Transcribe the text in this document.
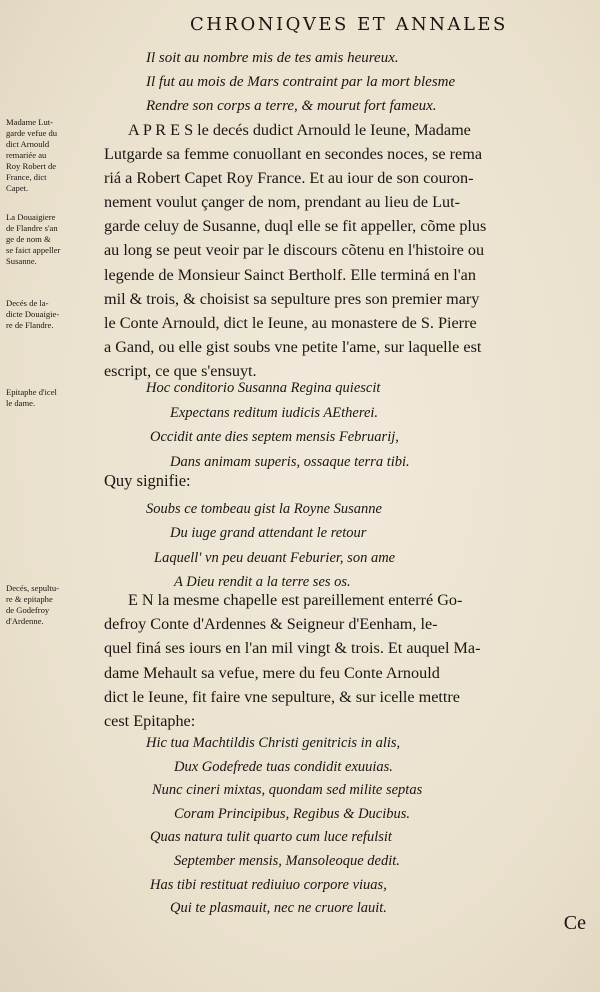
CHRONIQVES ET ANNALES

Madame Lut-

garde vefue du

dict Arnould

remariée au

Roy Robert de

France, dict

Capet.

La Douaigiere

de Flandre s'an

ge de nom &

se faict appeller

Susanne.

Decés de la-

dicte Douaigie-

re de Flandre.

Epitaphe d'icel

le dame.

Decés, sepultu-

re & epitaphe

de Godefroy

d'Ardenne.

Il soit au nombre mis de tes amis heureux.

Il fut au mois de Mars contraint par la mort blesme

Rendre son corps a terre, & mourut fort fameux.

A P R E S le decés dudict Arnould le Ieune, Madame

Lutgarde sa femme conuollant en secondes noces, se rema

riá a Robert Capet Roy France. Et au iour de son couron-

nement voulut çanger de nom, prendant au lieu de Lut-

garde celuy de Susanne, duql elle se fit appeller, cõme plus

au long se peut veoir par le discours cõtenu en l'histoire ou

legende de Monsieur Sainct Bertholf. Elle terminá en l'an

mil & trois, & choisist sa sepulture pres son premier mary

le Conte Arnould, dict le Ieune, au monastere de S. Pierre

a Gand, ou elle gist soubs vne petite l'ame, sur laquelle est

escript, ce que s'ensuyt.

Hoc conditorio Susanna Regina quiescit

Expectans reditum iudicis AEtherei.

Occidit ante dies septem mensis Februarij,

Dans animam superis, ossaque terra tibi.

Quy signifie:

Soubs ce tombeau gist la Royne Susanne

Du iuge grand attendant le retour

Laquell' vn peu deuant Feburier, son ame

A Dieu rendit a la terre ses os.

E N la mesme chapelle est pareillement enterré Go-

defroy Conte d'Ardennes & Seigneur d'Eenham, le-

quel finá ses iours en l'an mil vingt & trois. Et auquel Ma-

dame Mehault sa vefue, mere du feu Conte Arnould

dict le Ieune, fit faire vne sepulture, & sur icelle mettre

cest Epitaphe:

Hic tua Machtildis Christi genitricis in alis,

Dux Godefrede tuas condidit exuuias.

Nunc cineri mixtas, quondam sed milite septas

Coram Principibus, Regibus & Ducibus.

Quas natura tulit quarto cum luce refulsit

September mensis, Mansoleoque dedit.

Has tibi restituat rediuiuo corpore viuas,

Qui te plasmauit, nec ne cruore lauit.

Ce
